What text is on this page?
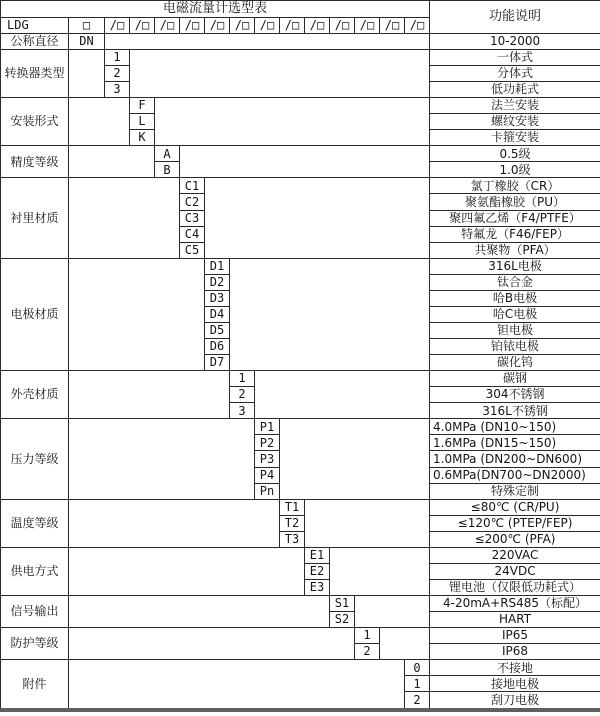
电磁流量计选型表															功能说明
LDG	□	/□	/□	/□	/□	/□	/□	/□	/□	/□	/□	/□	/□	/□	
公称直径	DN														10-2000
转换器类型		1													一体式
		2													分体式
		3													低功耗式
安装形式			F												法兰安装
			L												螺纹安装
			K												卡箍安装
精度等级				A											0.5级
				B											1.0级
衬里材质					C1										氯丁橡胶（CR）
					C2										聚氨酯橡胶（PU）
					C3										聚四氟乙烯（F4/PTFE）
					C4										特氟龙（F46/FEP）
					C5										共聚物（PFA）
电极材质						D1									316L电极
						D2									钛合金
						D3									哈B电极
						D4									哈C电极
						D5									钽电极
						D6									铂铱电极
						D7									碳化钨
外壳材质							1								碳钢
							2								304不锈钢
							3								316L不锈钢
压力等级								P1							4.0MPa (DN10~150)
								P2							1.6MPa (DN15~150)
								P3							1.0MPa (DN200~DN600)
								P4							0.6MPa(DN700~DN2000)
								Pn							特殊定制
温度等级									T1						≤80℃ (CR/PU)
									T2						≤120℃ (PTEP/FEP)
									T3						≤200℃ (PFA)
供电方式										E1					220VAC
										E2					24VDC
										E3					锂电池（仅限低功耗式）
信号输出											S1				4-20mA+RS485（标配）
											S2				HART
防护等级												1			IP65
												2			IP68
附件														0	不接地
														1	接地电极
														2	刮刀电极
